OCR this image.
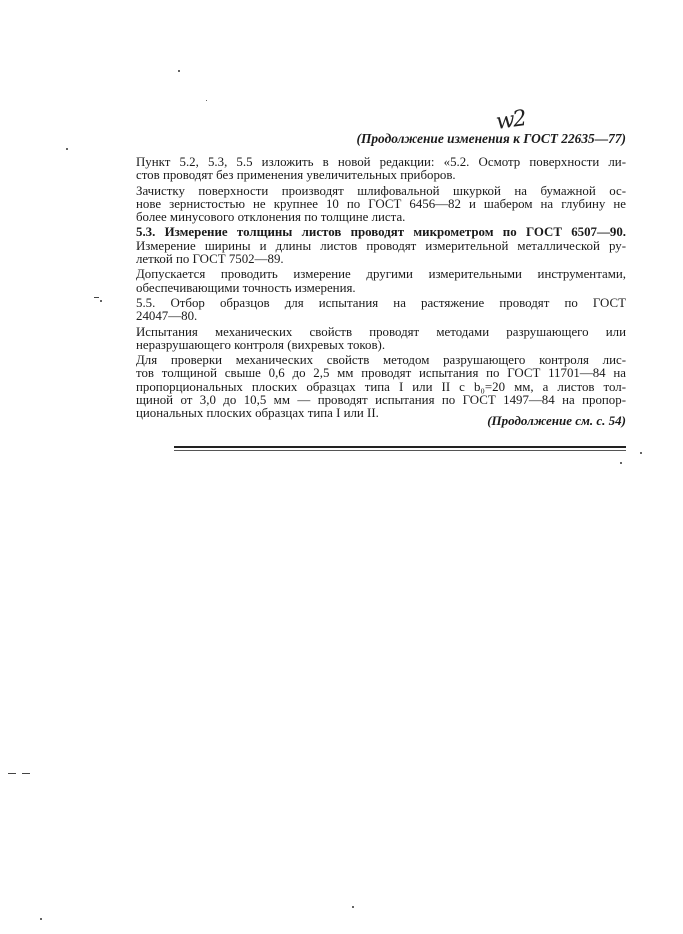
w2
(Продолжение изменения к ГОСТ 22635—77)

Пункт 5.2, 5.3, 5.5 изложить в новой редакции: «5.2. Осмотр поверхности ли-
стов проводят без применения увеличительных приборов.

Зачистку поверхности производят шлифовальной шкуркой на бумажной ос-
нове зернистостью не крупнее 10 по ГОСТ 6456—82 и шабером на глубину не
более минусового отклонения по толщине листа.

5.3. Измерение толщины листов проводят микрометром по ГОСТ 6507—90.
Измерение ширины и длины листов проводят измерительной металлической ру-
леткой по ГОСТ 7502—89.

Допускается проводить измерение другими измерительными инструментами,
обеспечивающими точность измерения.

5.5. Отбор образцов для испытания на растяжение проводят по ГОСТ
24047—80.

Испытания механических свойств проводят методами разрушающего или
неразрушающего контроля (вихревых токов).

Для проверки механических свойств методом разрушающего контроля лис-
тов толщиной свыше 0,6 до 2,5 мм проводят испытания по ГОСТ 11701—84 на
пропорциональных плоских образцах типа I или II с b₀=20 мм, а листов тол-
щиной от 3,0 до 10,5 мм — проводят испытания по ГОСТ 1497—84 на пропор-
циональных плоских образцах типа I или II.	(Продолжение см. с. 54)
